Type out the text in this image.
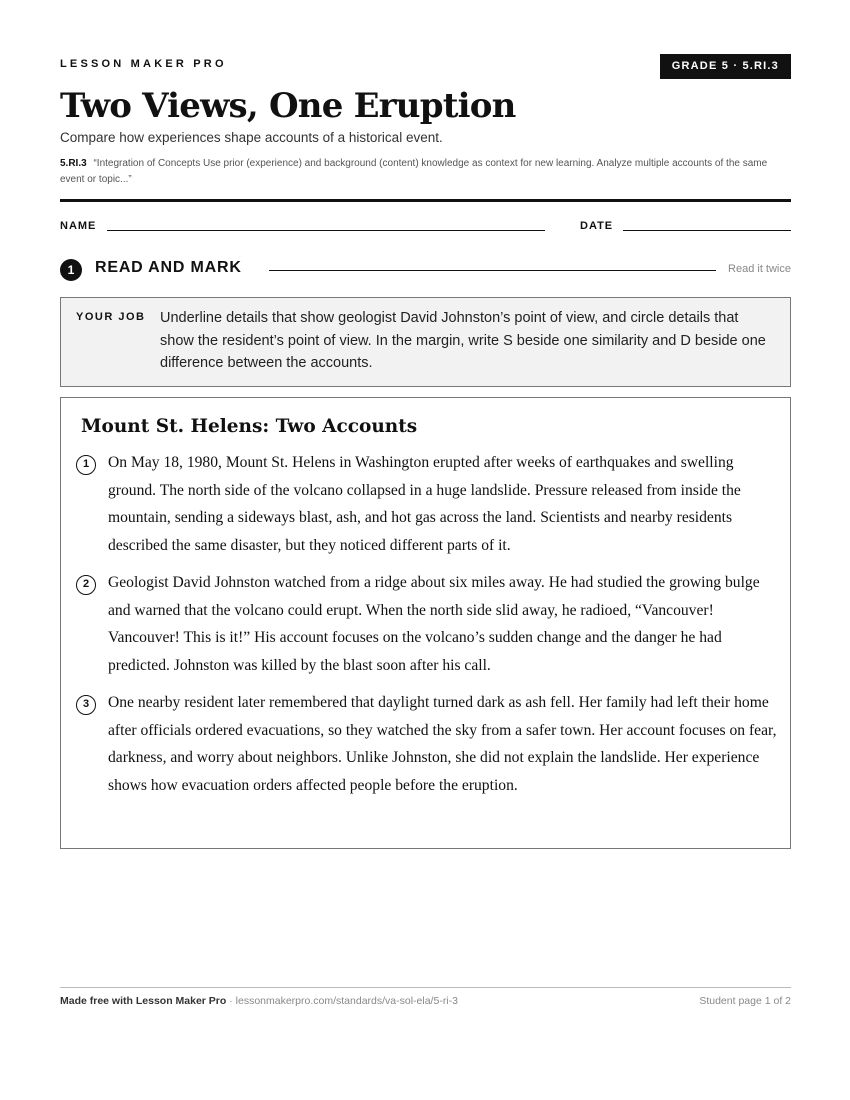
LESSON MAKER PRO	GRADE 5 · 5.RI.3
Two Views, One Eruption
Compare how experiences shape accounts of a historical event.
5.RI.3 “Integration of Concepts Use prior (experience) and background (content) knowledge as context for new learning. Analyze multiple accounts of the same event or topic...”
NAME	DATE
1	READ AND MARK	Read it twice
YOUR JOB Underline details that show geologist David Johnston’s point of view, and circle details that show the resident’s point of view. In the margin, write S beside one similarity and D beside one difference between the accounts.
Mount St. Helens: Two Accounts
1	On May 18, 1980, Mount St. Helens in Washington erupted after weeks of earthquakes and swelling ground. The north side of the volcano collapsed in a huge landslide. Pressure released from inside the mountain, sending a sideways blast, ash, and hot gas across the land. Scientists and nearby residents described the same disaster, but they noticed different parts of it.
2	Geologist David Johnston watched from a ridge about six miles away. He had studied the growing bulge and warned that the volcano could erupt. When the north side slid away, he radioed, “Vancouver! Vancouver! This is it!” His account focuses on the volcano’s sudden change and the danger he had predicted. Johnston was killed by the blast soon after his call.
3	One nearby resident later remembered that daylight turned dark as ash fell. Her family had left their home after officials ordered evacuations, so they watched the sky from a safer town. Her account focuses on fear, darkness, and worry about neighbors. Unlike Johnston, she did not explain the landslide. Her experience shows how evacuation orders affected people before the eruption.
Made free with Lesson Maker Pro · lessonmakerpro.com/standards/va-sol-ela/5-ri-3	Student page 1 of 2
